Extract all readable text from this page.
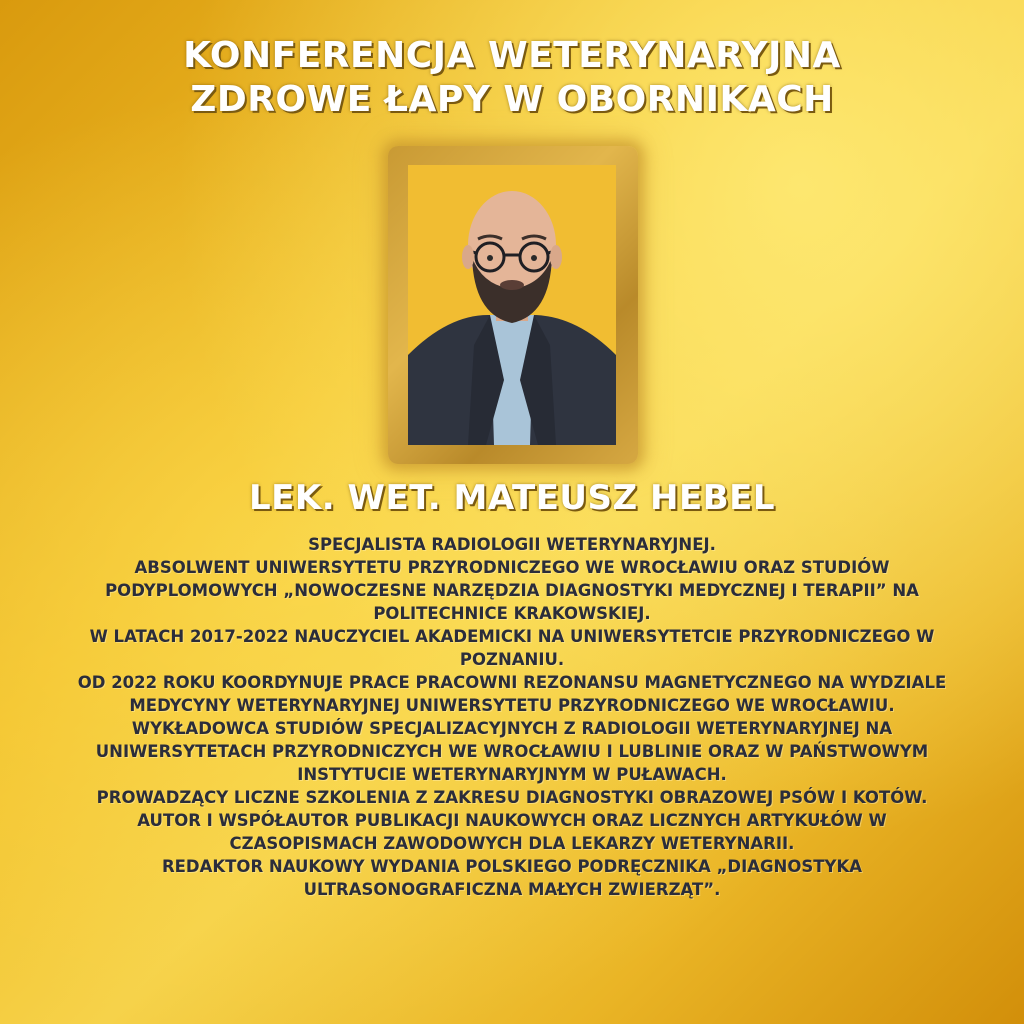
KONFERENCJA WETERYNARYJNA
ZDROWE ŁAPY W OBORNIKACH
LEK. WET. MATEUSZ HEBEL
SPECJALISTA RADIOLOGII WETERYNARYJNEJ.
ABSOLWENT UNIWERSYTETU PRZYRODNICZEGO WE WROCŁAWIU ORAZ STUDIÓW
PODYPLOMOWYCH „NOWOCZESNE NARZĘDZIA DIAGNOSTYKI MEDYCZNEJ I TERAPII” NA
POLITECHNICE KRAKOWSKIEJ.
W LATACH 2017-2022 NAUCZYCIEL AKADEMICKI NA UNIWERSYTETCIE PRZYRODNICZEGO W
POZNANIU.
OD 2022 ROKU KOORDYNUJE PRACE PRACOWNI REZONANSU MAGNETYCZNEGO NA WYDZIALE
MEDYCYNY WETERYNARYJNEJ UNIWERSYTETU PRZYRODNICZEGO WE WROCŁAWIU.
WYKŁADOWCA STUDIÓW SPECJALIZACYJNYCH Z RADIOLOGII WETERYNARYJNEJ NA
UNIWERSYTETACH PRZYRODNICZYCH WE WROCŁAWIU I LUBLINIE ORAZ W PAŃSTWOWYM
INSTYTUCIE WETERYNARYJNYM W PUŁAWACH.
PROWADZĄCY LICZNE SZKOLENIA Z ZAKRESU DIAGNOSTYKI OBRAZOWEJ PSÓW I KOTÓW.
AUTOR I WSPÓŁAUTOR PUBLIKACJI NAUKOWYCH ORAZ LICZNYCH ARTYKUŁÓW W
CZASOPISMACH ZAWODOWYCH DLA LEKARZY WETERYNARII.
REDAKTOR NAUKOWY WYDANIA POLSKIEGO PODRĘCZNIKA „DIAGNOSTYKA
ULTRASONOGRAFICZNA MAŁYCH ZWIERZĄT”.
